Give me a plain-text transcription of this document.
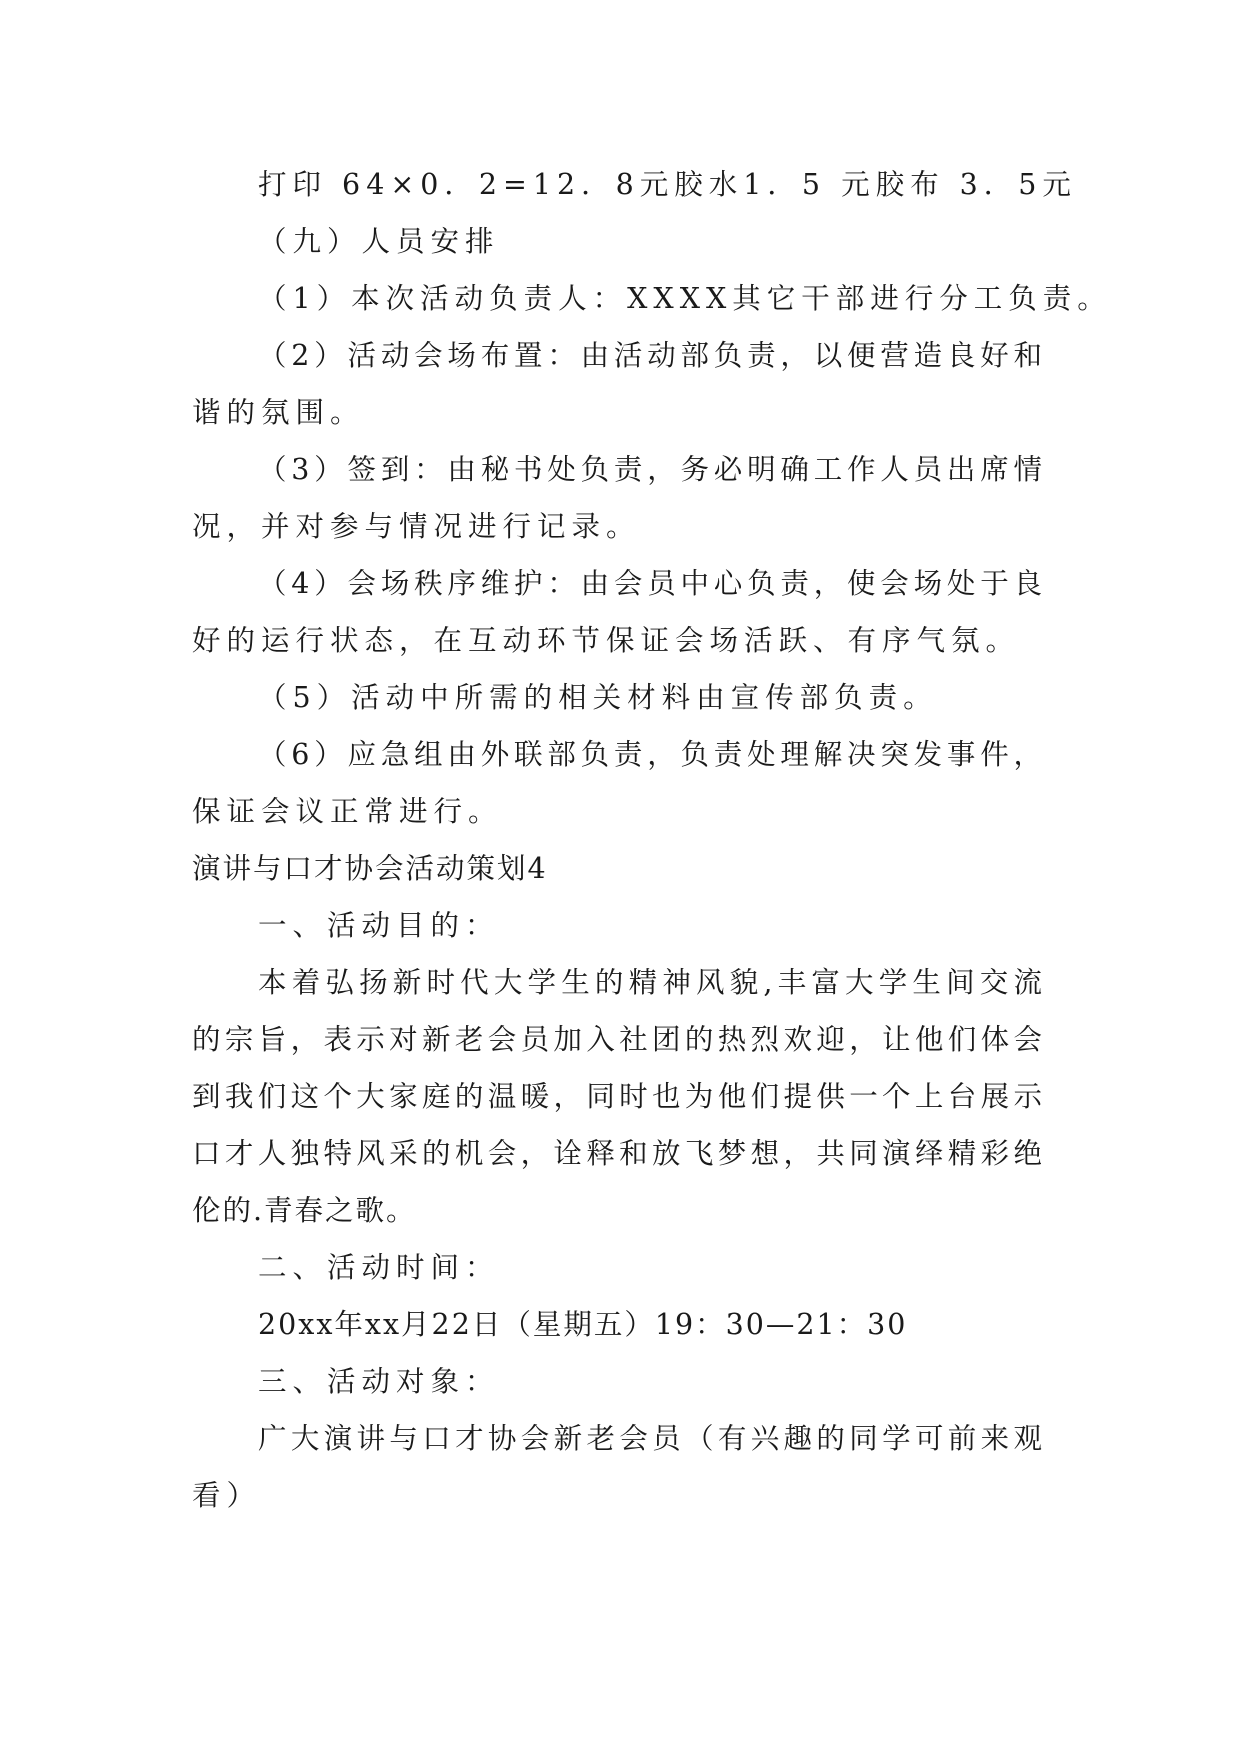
打印 64×0．2=12．8元胶水1．5 元胶布 3．5元
（九）人员安排
（1）本次活动负责人：XXXX其它干部进行分工负责。
（2）活动会场布置：由活动部负责，以便营造良好和
谐的氛围。
（3）签到：由秘书处负责，务必明确工作人员出席情
况，并对参与情况进行记录。
（4）会场秩序维护：由会员中心负责，使会场处于良
好的运行状态，在互动环节保证会场活跃、有序气氛。
（5）活动中所需的相关材料由宣传部负责。
（6）应急组由外联部负责，负责处理解决突发事件，
保证会议正常进行。
演讲与口才协会活动策划4
一、活动目的：
本着弘扬新时代大学生的精神风貌,丰富大学生间交流
的宗旨，表示对新老会员加入社团的热烈欢迎，让他们体会
到我们这个大家庭的温暖，同时也为他们提供一个上台展示
口才人独特风采的机会，诠释和放飞梦想，共同演绎精彩绝
伦的.青春之歌。
二、活动时间：
20xx年xx月22日（星期五）19：30—21：30
三、活动对象：
广大演讲与口才协会新老会员（有兴趣的同学可前来观
看）
